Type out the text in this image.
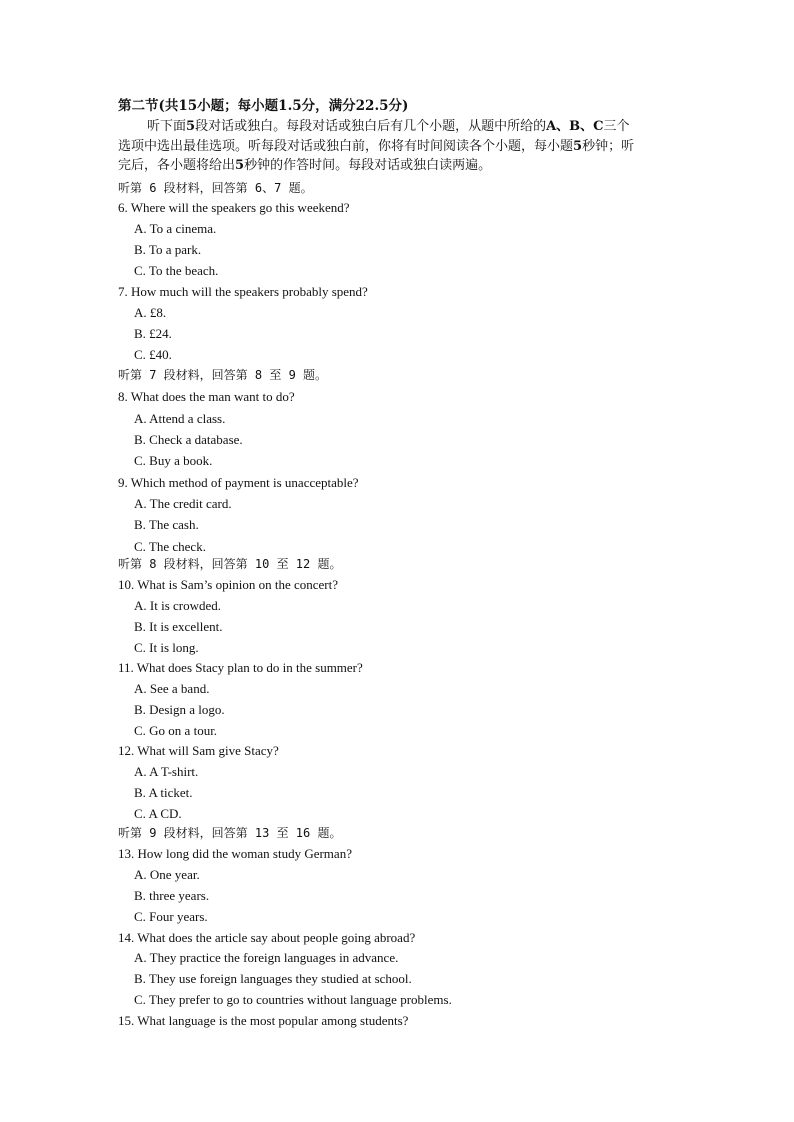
第二节(共15小题；每小题1.5分，满分22.5分)
听下面5段对话或独白。每段对话或独白后有几个小题，从题中所给的A、B、C三个
选项中选出最佳选项。听每段对话或独白前，你将有时间阅读各个小题，每小题5秒钟；听
完后，各小题将给出5秒钟的作答时间。每段对话或独白读两遍。
听第 6 段材料，回答第 6、7 题。
6. Where will the speakers go this weekend?
A. To a cinema.
B. To a park.
C. To the beach.
7. How much will the speakers probably spend?
A. £8.
B. £24.
C. £40.
听第 7 段材料，回答第 8 至 9 题。
8. What does the man want to do?
A. Attend a class.
B. Check a database.
C. Buy a book.
9. Which method of payment is unacceptable?
A. The credit card.
B. The cash.
C. The check.
听第 8 段材料，回答第 10 至 12 题。
10. What is Sam’s opinion on the concert?
A. It is crowded.
B. It is excellent.
C. It is long.
11. What does Stacy plan to do in the summer?
A. See a band.
B. Design a logo.
C. Go on a tour.
12. What will Sam give Stacy?
A. A T-shirt.
B. A ticket.
C. A CD.
听第 9 段材料，回答第 13 至 16 题。
13. How long did the woman study German?
A. One year.
B. three years.
C. Four years.
14. What does the article say about people going abroad?
A. They practice the foreign languages in advance.
B. They use foreign languages they studied at school.
C. They prefer to go to countries without language problems.
15. What language is the most popular among students?
